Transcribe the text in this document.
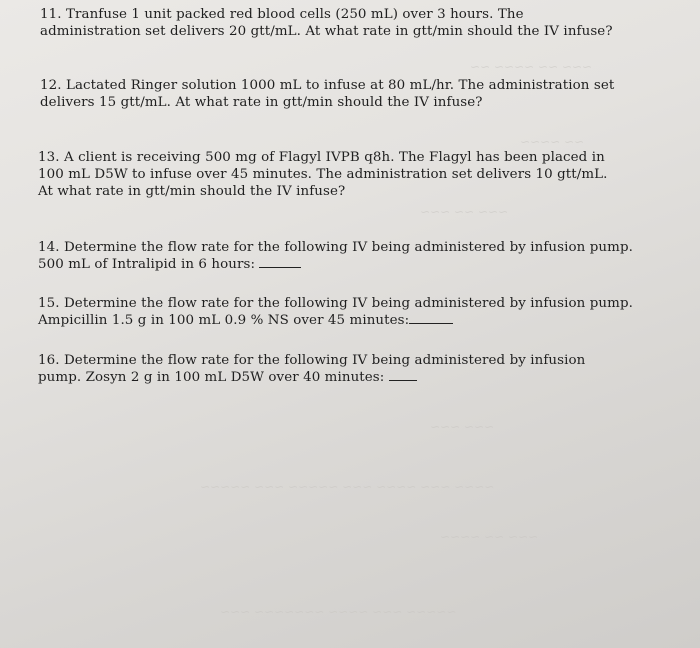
~~~ ~~ ~~~~ ~~
~~ ~~~~
~~~ ~~ ~~~
~~~ ~~~
~~~~ ~~~ ~~~~ ~~~ ~~~~~ ~~~ ~~~~~
~~~ ~~ ~~~~
~~~~~ ~~~ ~~~~ ~~~~~~~ ~~~
11. Tranfuse 1 unit packed red blood cells (250 mL) over 3 hours. The
administration set delivers 20 gtt/mL. At what rate in gtt/min should the IV infuse?
12. Lactated Ringer solution 1000 mL to infuse at 80 mL/hr. The administration set
delivers 15 gtt/mL. At what rate in gtt/min should the IV infuse?
13. A client is receiving 500 mg of Flagyl IVPB q8h. The Flagyl has been placed in
100 mL D5W to infuse over 45 minutes. The administration set delivers 10 gtt/mL.
At what rate in gtt/min should the IV infuse?
14. Determine the flow rate for the following IV being administered by infusion pump.
500 mL of Intralipid in 6 hours:
15. Determine the flow rate for the following IV being administered by infusion pump.
Ampicillin 1.5 g in 100 mL 0.9 % NS over 45 minutes:
16. Determine the flow rate for the following IV being administered by infusion
pump. Zosyn 2 g in 100 mL D5W over 40 minutes:
